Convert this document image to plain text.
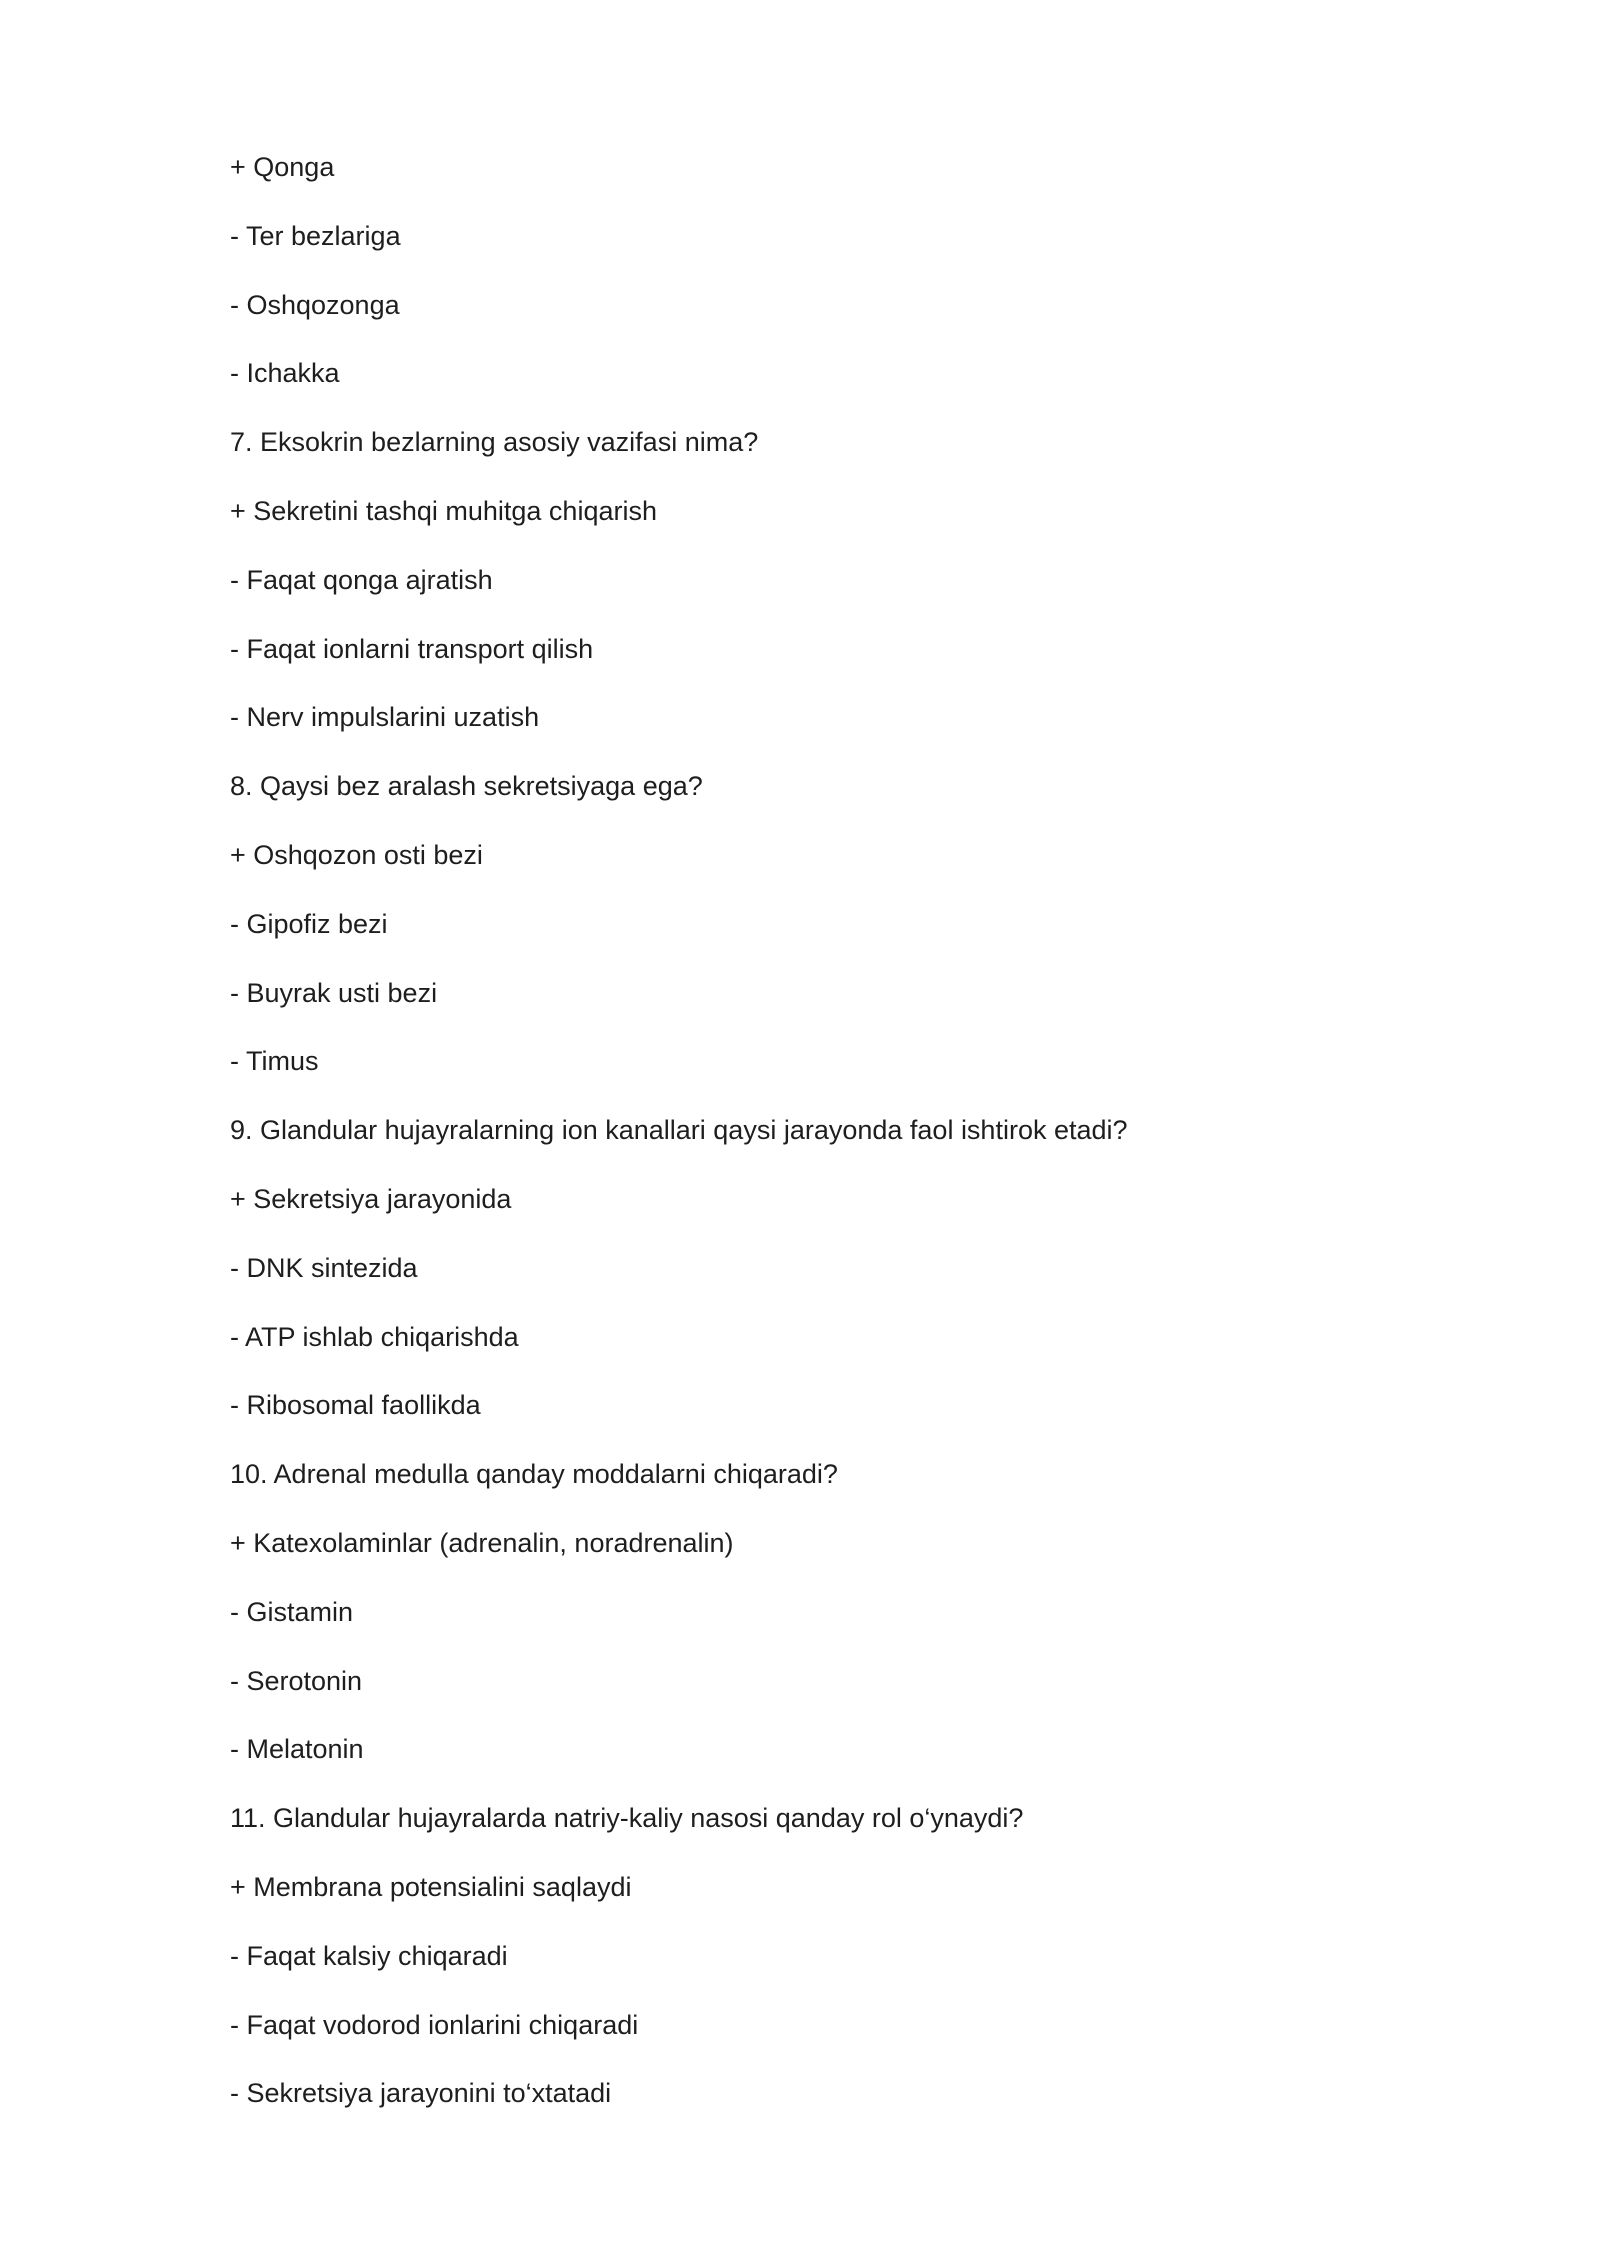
+ Qonga

- Ter bezlariga

- Oshqozonga

- Ichakka

7. Eksokrin bezlarning asosiy vazifasi nima?

+ Sekretini tashqi muhitga chiqarish

- Faqat qonga ajratish

- Faqat ionlarni transport qilish

- Nerv impulslarini uzatish

8. Qaysi bez aralash sekretsiyaga ega?

+ Oshqozon osti bezi

- Gipofiz bezi

- Buyrak usti bezi

- Timus

9. Glandular hujayralarning ion kanallari qaysi jarayonda faol ishtirok etadi?

+ Sekretsiya jarayonida

- DNK sintezida

- ATP ishlab chiqarishda

- Ribosomal faollikda

10. Adrenal medulla qanday moddalarni chiqaradi?

+ Katexolaminlar (adrenalin, noradrenalin)

- Gistamin

- Serotonin

- Melatonin

11. Glandular hujayralarda natriy-kaliy nasosi qanday rol o‘ynaydi?

+ Membrana potensialini saqlaydi

- Faqat kalsiy chiqaradi

- Faqat vodorod ionlarini chiqaradi

- Sekretsiya jarayonini to‘xtatadi
